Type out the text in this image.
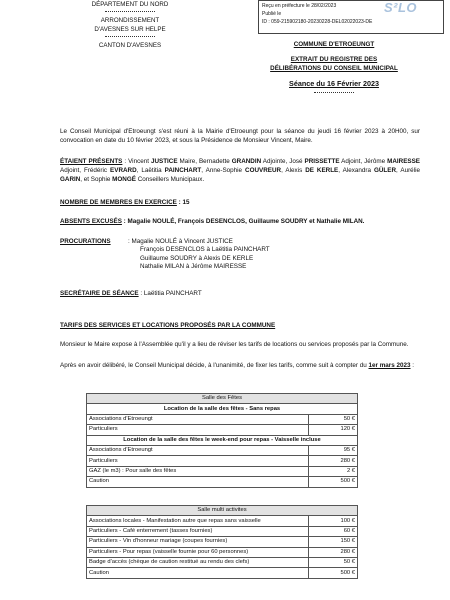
DÉPARTEMENT DU NORD
ARRONDISSEMENT
D'AVESNES SUR HELPE
CANTON D'AVESNES
Reçu en préfecture le 28/02/2023
Publié le
ID : 059-215902180-20230228-DEL02022023-DE
S²LO
COMMUNE D'ETROEUNGT
EXTRAIT DU REGISTRE DES
DÉLIBÉRATIONS DU CONSEIL MUNICIPAL
Séance du 16 Février 2023
Le Conseil Municipal d'Etroeungt s'est réuni à la Mairie d'Etroeungt pour la séance du jeudi 16 février 2023 à 20H00, sur convocation en date du 10 février 2023, et sous la Présidence de Monsieur Vincent, Maire.
ÉTAIENT PRÉSENTS : Vincent JUSTICE Maire, Bernadette GRANDIN Adjointe, José PRISSETTE Adjoint, Jérôme MAIRESSE Adjoint, Frédéric EVRARD, Laëtitia PAINCHART, Anne-Sophie COUVREUR, Alexis DE KERLE, Alexandra GÜLER, Aurélie GARIN, et Sophie MONGÉ Conseillers Municipaux.
NOMBRE DE MEMBRES EN EXERCICE : 15
ABSENTS EXCUSÉS : Magalie NOULÉ, François DESENCLOS, Guillaume SOUDRY et Nathalie MILAN.
PROCURATIONS	: Magalie NOULÉ à Vincent JUSTICE
François DESENCLOS à Laëtitia PAINCHART
Guillaume SOUDRY à Alexis DE KERLE
Nathalie MILAN à Jérôme MAIRESSE
SECRÉTAIRE DE SÉANCE : Laëtitia PAINCHART
TARIFS DES SERVICES ET LOCATIONS PROPOSÉS PAR LA COMMUNE
Monsieur le Maire expose à l'Assemblée qu'il y a lieu de réviser les tarifs de locations ou services proposés par la Commune.
Après en avoir délibéré, le Conseil Municipal décide, à l'unanimité, de fixer les tarifs, comme suit à compter du 1er mars 2023 :
Salle des Fêtes	
Location de la salle des fêtes - Sans repas	
Associations d'Etroeungt	50 €
Particuliers	120 €
Location de la salle des fêtes le week-end pour repas - Vaisselle incluse	
Associations d'Etroeungt	95 €
Particuliers	280 €
GAZ (le m3) : Pour salle des fêtes	2 €
Caution	500 €
Salle multi activites	
Associations locales - Manifestation autre que repas sans vaisselle	100 €
Particuliers - Café enterrement (tasses fournies)	60 €
Particuliers - Vin d'honneur mariage (coupes fournies)	150 €
Particuliers - Pour repas (vaisselle fournie pour 60 personnes)	280 €
Badge d'accès (chèque de caution restitué au rendu des clefs)	50 €
Caution	500 €
